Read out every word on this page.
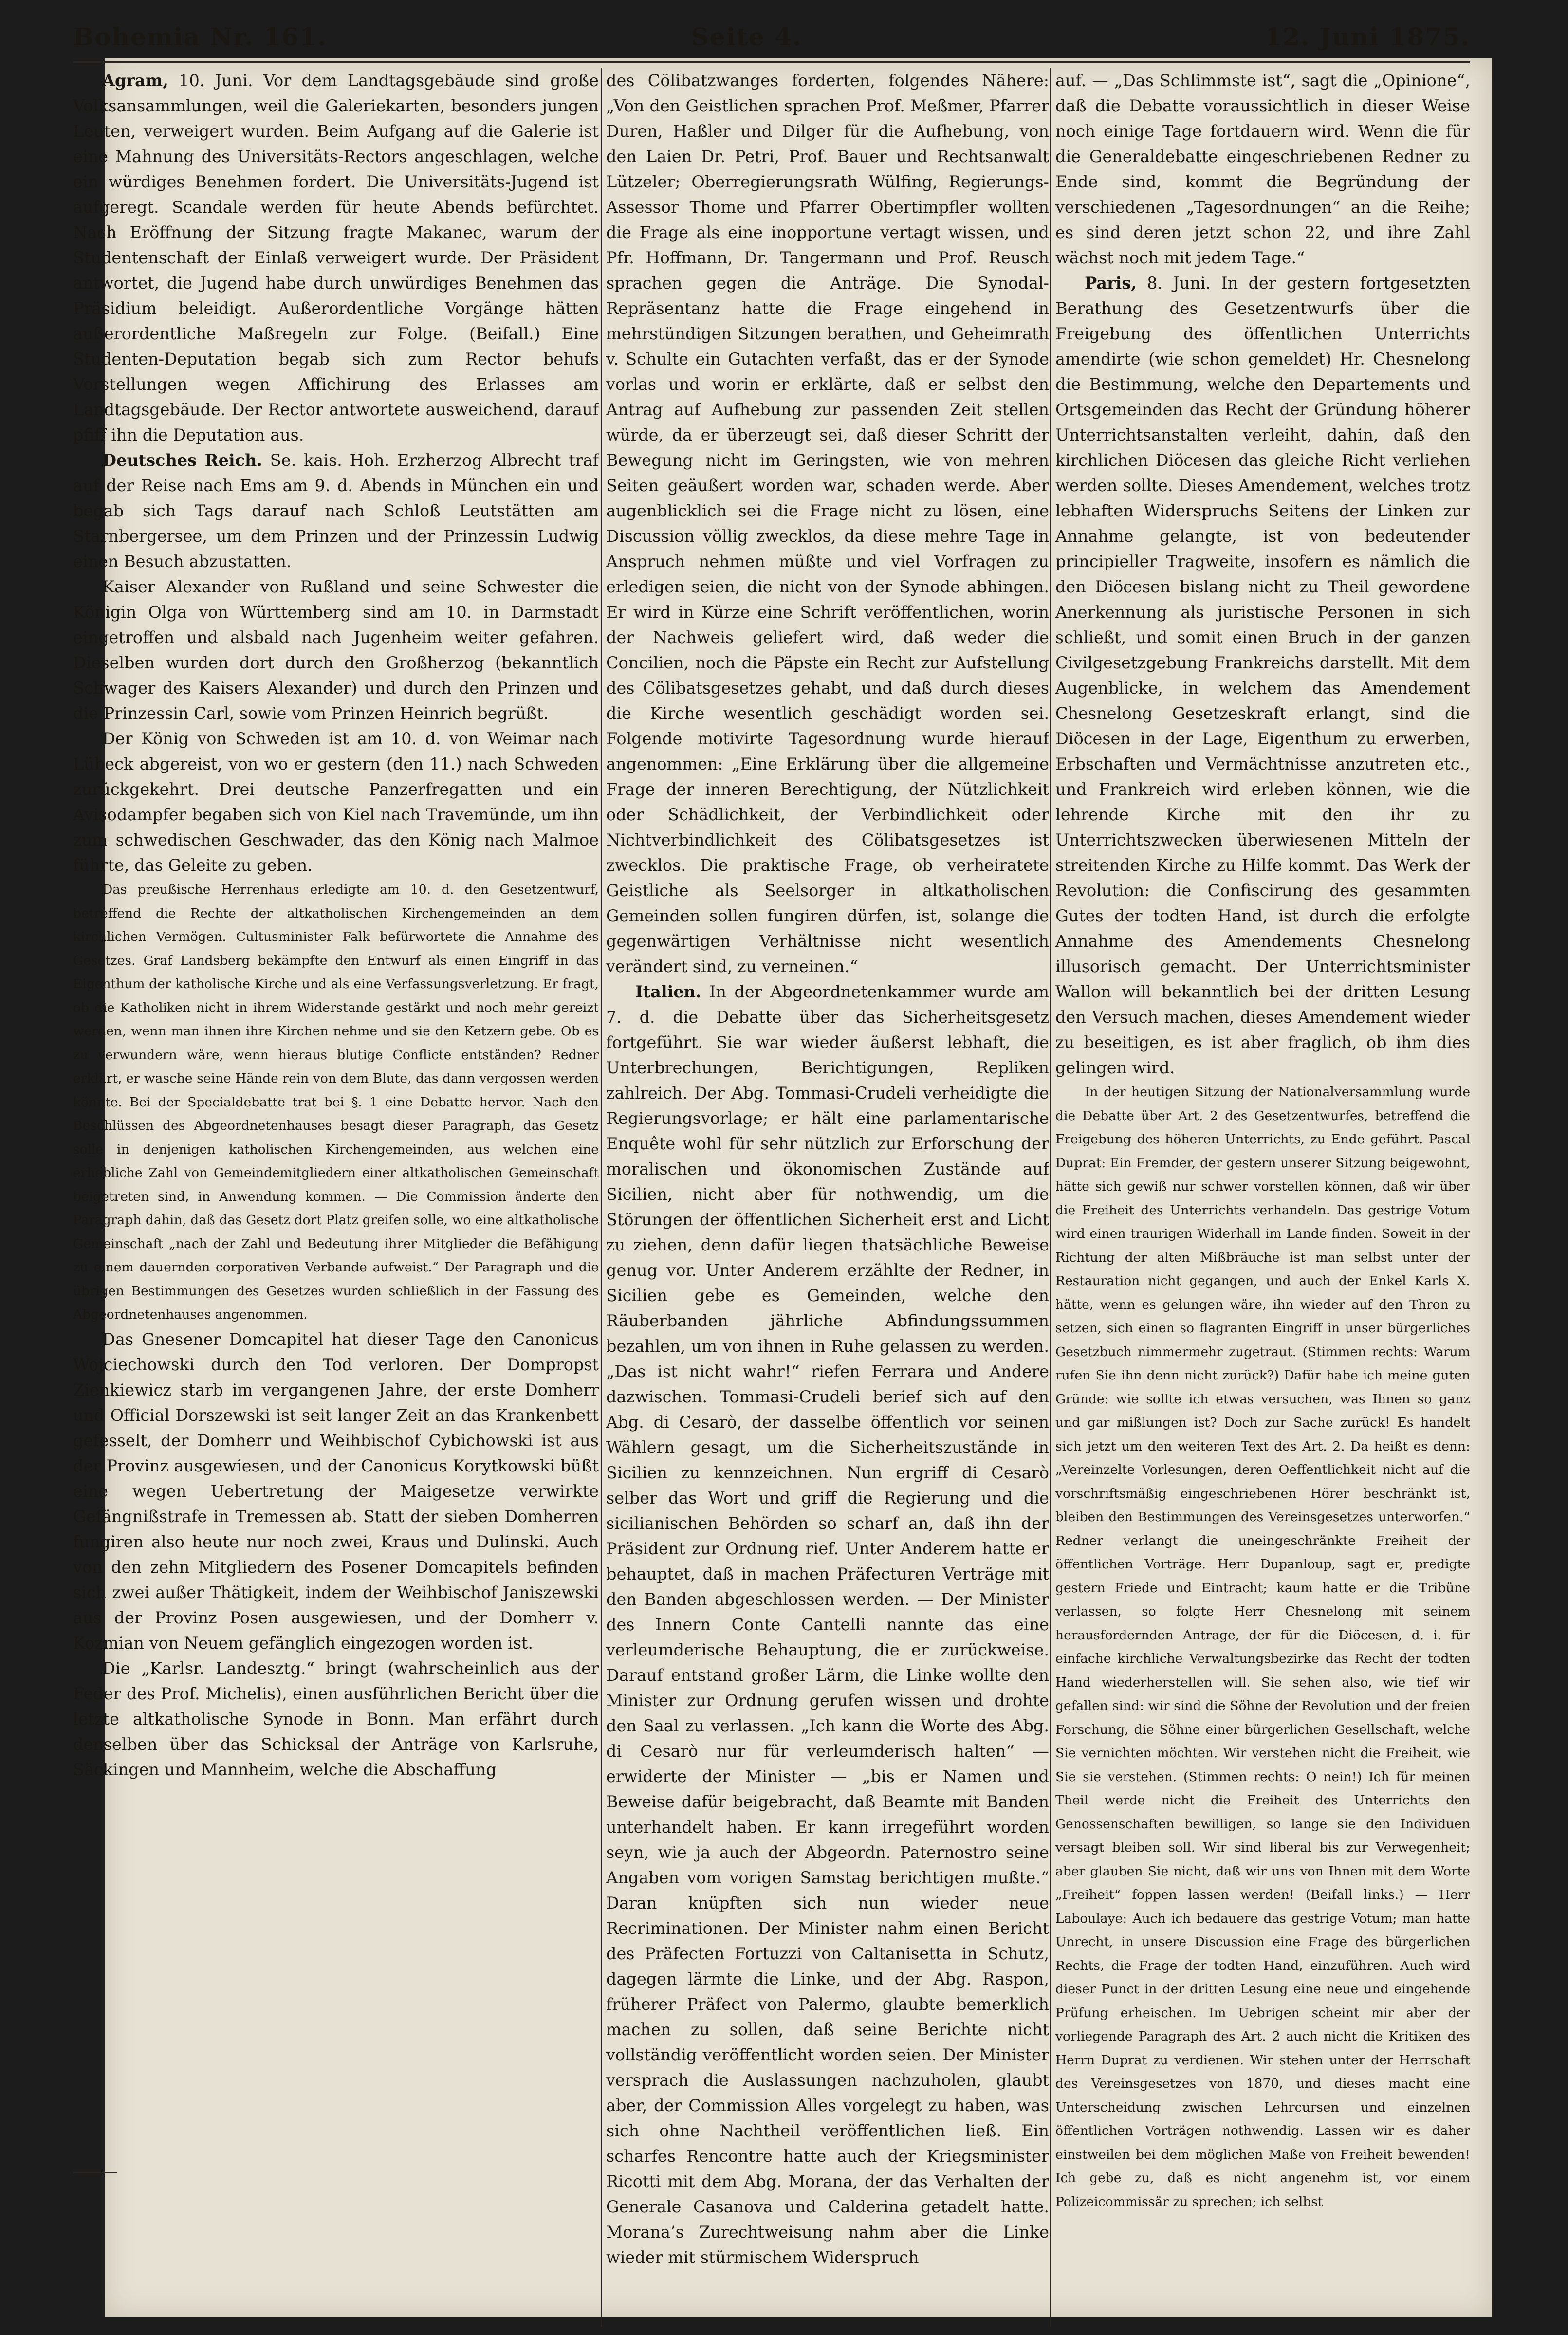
Bohemia Nr. 161.	Seite 4.	12. Juni 1875.

Agram, 10. Juni. Vor dem Landtagsgebäude sind große Volksansammlungen, weil die Galeriekarten, besonders jungen Leuten, verweigert wurden. Beim Aufgang auf die Galerie ist eine Mahnung des Universitäts-Rectors angeschlagen, welche ein würdiges Benehmen fordert. Die Universitäts-Jugend ist aufgeregt. Scandale werden für heute Abends befürchtet. Nach Eröffnung der Sitzung fragte Makanec, warum der Studentenschaft der Einlaß verweigert wurde. Der Präsident antwortet, die Jugend habe durch unwürdiges Benehmen das Präsidium beleidigt. Außerordentliche Vorgänge hätten außerordentliche Maßregeln zur Folge. (Beifall.) Eine Studenten-Deputation begab sich zum Rector behufs Vorstellungen wegen Affichirung des Erlasses am Landtagsgebäude. Der Rector antwortete ausweichend, darauf pfiff ihn die Deputation aus.

Deutsches Reich. Se. kais. Hoh. Erzherzog Albrecht traf auf der Reise nach Ems am 9. d. Abends in München ein und begab sich Tags darauf nach Schloß Leutstätten am Starnbergersee, um dem Prinzen und der Prinzessin Ludwig einen Besuch abzustatten.

Kaiser Alexander von Rußland und seine Schwester die Königin Olga von Württemberg sind am 10. in Darmstadt eingetroffen und alsbald nach Jugenheim weiter gefahren. Dieselben wurden dort durch den Großherzog (bekanntlich Schwager des Kaisers Alexander) und durch den Prinzen und die Prinzessin Carl, sowie vom Prinzen Heinrich begrüßt.

Der König von Schweden ist am 10. d. von Weimar nach Lübeck abgereist, von wo er gestern (den 11.) nach Schweden zurückgekehrt. Drei deutsche Panzerfregatten und ein Avisodampfer begaben sich von Kiel nach Travemünde, um ihn zum schwedischen Geschwader, das den König nach Malmoe führte, das Geleite zu geben.

Das preußische Herrenhaus erledigte am 10. d. den Gesetzentwurf, betreffend die Rechte der altkatholischen Kirchengemeinden an dem kirchlichen Vermögen. Cultusminister Falk befürwortete die Annahme des Gesetzes. Graf Landsberg bekämpfte den Entwurf als einen Eingriff in das Eigenthum der katholische Kirche und als eine Verfassungsverletzung. Er fragt, ob die Katholiken nicht in ihrem Widerstande gestärkt und noch mehr gereizt werden, wenn man ihnen ihre Kirchen nehme und sie den Ketzern gebe. Ob es zu verwundern wäre, wenn hieraus blutige Conflicte entständen? Redner erklärt, er wasche seine Hände rein von dem Blute, das dann vergossen werden könnte. Bei der Specialdebatte trat bei §. 1 eine Debatte hervor. Nach den Beschlüssen des Abgeordnetenhauses besagt dieser Paragraph, das Gesetz solle in denjenigen katholischen Kirchengemeinden, aus welchen eine erhebliche Zahl von Gemeindemitgliedern einer altkatholischen Gemeinschaft beigetreten sind, in Anwendung kommen. — Die Commission änderte den Paragraph dahin, daß das Gesetz dort Platz greifen solle, wo eine altkatholische Gemeinschaft „nach der Zahl und Bedeutung ihrer Mitglieder die Befähigung zu einem dauernden corporativen Verbande aufweist.“ Der Paragraph und die übrigen Bestimmungen des Gesetzes wurden schließlich in der Fassung des Abgeordnetenhauses angenommen.

Das Gnesener Domcapitel hat dieser Tage den Canonicus Wojciechowski durch den Tod verloren. Der Dompropst Zienkiewicz starb im vergangenen Jahre, der erste Domherr und Official Dorszewski ist seit langer Zeit an das Krankenbett gefesselt, der Domherr und Weihbischof Cybichowski ist aus der Provinz ausgewiesen, und der Canonicus Korytkowski büßt eine wegen Uebertretung der Maigesetze verwirkte Gefängnißstrafe in Tremessen ab. Statt der sieben Domherren fungiren also heute nur noch zwei, Kraus und Dulinski. Auch von den zehn Mitgliedern des Posener Domcapitels befinden sich zwei außer Thätigkeit, indem der Weihbischof Janiszewski aus der Provinz Posen ausgewiesen, und der Domherr v. Kozmian von Neuem gefänglich eingezogen worden ist.

Die „Karlsr. Landesztg.“ bringt (wahrscheinlich aus der Feder des Prof. Michelis), einen ausführlichen Bericht über die letzte altkatholische Synode in Bonn. Man erfährt durch denselben über das Schicksal der Anträge von Karlsruhe, Säckingen und Mannheim, welche die Abschaffung

des Cölibatzwanges forderten, folgendes Nähere: „Von den Geistlichen sprachen Prof. Meßmer, Pfarrer Duren, Haßler und Dilger für die Aufhebung, von den Laien Dr. Petri, Prof. Bauer und Rechtsanwalt Lützeler; Oberregierungsrath Wülfing, Regierungs-Assessor Thome und Pfarrer Obertimpfler wollten die Frage als eine inopportune vertagt wissen, und Pfr. Hoffmann, Dr. Tangermann und Prof. Reusch sprachen gegen die Anträge. Die Synodal-Repräsentanz hatte die Frage eingehend in mehrstündigen Sitzungen berathen, und Geheimrath v. Schulte ein Gutachten verfaßt, das er der Synode vorlas und worin er erklärte, daß er selbst den Antrag auf Aufhebung zur passenden Zeit stellen würde, da er überzeugt sei, daß dieser Schritt der Bewegung nicht im Geringsten, wie von mehren Seiten geäußert worden war, schaden werde. Aber augenblicklich sei die Frage nicht zu lösen, eine Discussion völlig zwecklos, da diese mehre Tage in Anspruch nehmen müßte und viel Vorfragen zu erledigen seien, die nicht von der Synode abhingen. Er wird in Kürze eine Schrift veröffentlichen, worin der Nachweis geliefert wird, daß weder die Concilien, noch die Päpste ein Recht zur Aufstellung des Cölibatsgesetzes gehabt, und daß durch dieses die Kirche wesentlich geschädigt worden sei. Folgende motivirte Tagesordnung wurde hierauf angenommen: „Eine Erklärung über die allgemeine Frage der inneren Berechtigung, der Nützlichkeit oder Schädlichkeit, der Verbindlichkeit oder Nichtverbindlichkeit des Cölibatsgesetzes ist zwecklos. Die praktische Frage, ob verheiratete Geistliche als Seelsorger in altkatholischen Gemeinden sollen fungiren dürfen, ist, solange die gegenwärtigen Verhältnisse nicht wesentlich verändert sind, zu verneinen.“

Italien. In der Abgeordnetenkammer wurde am 7. d. die Debatte über das Sicherheitsgesetz fortgeführt. Sie war wieder äußerst lebhaft, die Unterbrechungen, Berichtigungen, Repliken zahlreich. Der Abg. Tommasi-Crudeli verheidigte die Regierungsvorlage; er hält eine parlamentarische Enquête wohl für sehr nützlich zur Erforschung der moralischen und ökonomischen Zustände auf Sicilien, nicht aber für nothwendig, um die Störungen der öffentlichen Sicherheit erst and Licht zu ziehen, denn dafür liegen thatsächliche Beweise genug vor. Unter Anderem erzählte der Redner, in Sicilien gebe es Gemeinden, welche den Räuberbanden jährliche Abfindungssummen bezahlen, um von ihnen in Ruhe gelassen zu werden. „Das ist nicht wahr!“ riefen Ferrara und Andere dazwischen. Tommasi-Crudeli berief sich auf den Abg. di Cesarò, der dasselbe öffentlich vor seinen Wählern gesagt, um die Sicherheitszustände in Sicilien zu kennzeichnen. Nun ergriff di Cesarò selber das Wort und griff die Regierung und die sicilianischen Behörden so scharf an, daß ihn der Präsident zur Ordnung rief. Unter Anderem hatte er behauptet, daß in machen Präfecturen Verträge mit den Banden abgeschlossen werden. — Der Minister des Innern Conte Cantelli nannte das eine verleumderische Behauptung, die er zurückweise. Darauf entstand großer Lärm, die Linke wollte den Minister zur Ordnung gerufen wissen und drohte den Saal zu verlassen. „Ich kann die Worte des Abg. di Cesarò nur für verleumderisch halten“ — erwiderte der Minister — „bis er Namen und Beweise dafür beigebracht, daß Beamte mit Banden unterhandelt haben. Er kann irregeführt worden seyn, wie ja auch der Abgeordn. Paternostro seine Angaben vom vorigen Samstag berichtigen mußte.“ Daran knüpften sich nun wieder neue Recriminationen. Der Minister nahm einen Bericht des Präfecten Fortuzzi von Caltanisetta in Schutz, dagegen lärmte die Linke, und der Abg. Raspon, früherer Präfect von Palermo, glaubte bemerklich machen zu sollen, daß seine Berichte nicht vollständig veröffentlicht worden seien. Der Minister versprach die Auslassungen nachzuholen, glaubt aber, der Commission Alles vorgelegt zu haben, was sich ohne Nachtheil veröffentlichen ließ. Ein scharfes Rencontre hatte auch der Kriegsminister Ricotti mit dem Abg. Morana, der das Verhalten der Generale Casanova und Calderina getadelt hatte. Morana’s Zurechtweisung nahm aber die Linke wieder mit stürmischem Widerspruch

auf. — „Das Schlimmste ist“, sagt die „Opinione“, daß die Debatte voraussichtlich in dieser Weise noch einige Tage fortdauern wird. Wenn die für die Generaldebatte eingeschriebenen Redner zu Ende sind, kommt die Begründung der verschiedenen „Tagesordnungen“ an die Reihe; es sind deren jetzt schon 22, und ihre Zahl wächst noch mit jedem Tage.“

Paris, 8. Juni. In der gestern fortgesetzten Berathung des Gesetzentwurfs über die Freigebung des öffentlichen Unterrichts amendirte (wie schon gemeldet) Hr. Chesnelong die Bestimmung, welche den Departements und Ortsgemeinden das Recht der Gründung höherer Unterrichtsanstalten verleiht, dahin, daß den kirchlichen Diöcesen das gleiche Richt verliehen werden sollte. Dieses Amendement, welches trotz lebhaften Widerspruchs Seitens der Linken zur Annahme gelangte, ist von bedeutender principieller Tragweite, insofern es nämlich die den Diöcesen bislang nicht zu Theil gewordene Anerkennung als juristische Personen in sich schließt, und somit einen Bruch in der ganzen Civilgesetzgebung Frankreichs darstellt. Mit dem Augenblicke, in welchem das Amendement Chesnelong Gesetzeskraft erlangt, sind die Diöcesen in der Lage, Eigenthum zu erwerben, Erbschaften und Vermächtnisse anzutreten etc., und Frankreich wird erleben können, wie die lehrende Kirche mit den ihr zu Unterrichtszwecken überwiesenen Mitteln der streitenden Kirche zu Hilfe kommt. Das Werk der Revolution: die Confiscirung des gesammten Gutes der todten Hand, ist durch die erfolgte Annahme des Amendements Chesnelong illusorisch gemacht. Der Unterrichtsminister Wallon will bekanntlich bei der dritten Lesung den Versuch machen, dieses Amendement wieder zu beseitigen, es ist aber fraglich, ob ihm dies gelingen wird.

In der heutigen Sitzung der Nationalversammlung wurde die Debatte über Art. 2 des Gesetzentwurfes, betreffend die Freigebung des höheren Unterrichts, zu Ende geführt. Pascal Duprat: Ein Fremder, der gestern unserer Sitzung beigewohnt, hätte sich gewiß nur schwer vorstellen können, daß wir über die Freiheit des Unterrichts verhandeln. Das gestrige Votum wird einen traurigen Widerhall im Lande finden. Soweit in der Richtung der alten Mißbräuche ist man selbst unter der Restauration nicht gegangen, und auch der Enkel Karls X. hätte, wenn es gelungen wäre, ihn wieder auf den Thron zu setzen, sich einen so flagranten Eingriff in unser bürgerliches Gesetzbuch nimmermehr zugetraut. (Stimmen rechts: Warum rufen Sie ihn denn nicht zurück?) Dafür habe ich meine guten Gründe: wie sollte ich etwas versuchen, was Ihnen so ganz und gar mißlungen ist? Doch zur Sache zurück! Es handelt sich jetzt um den weiteren Text des Art. 2. Da heißt es denn: „Vereinzelte Vorlesungen, deren Oeffentlichkeit nicht auf die vorschriftsmäßig eingeschriebenen Hörer beschränkt ist, bleiben den Bestimmungen des Vereinsgesetzes unterworfen.“ Redner verlangt die uneingeschränkte Freiheit der öffentlichen Vorträge. Herr Dupanloup, sagt er, predigte gestern Friede und Eintracht; kaum hatte er die Tribüne verlassen, so folgte Herr Chesnelong mit seinem herausfordernden Antrage, der für die Diöcesen, d. i. für einfache kirchliche Verwaltungsbezirke das Recht der todten Hand wiederherstellen will. Sie sehen also, wie tief wir gefallen sind: wir sind die Söhne der Revolution und der freien Forschung, die Söhne einer bürgerlichen Gesellschaft, welche Sie vernichten möchten. Wir verstehen nicht die Freiheit, wie Sie sie verstehen. (Stimmen rechts: O nein!) Ich für meinen Theil werde nicht die Freiheit des Unterrichts den Genossenschaften bewilligen, so lange sie den Individuen versagt bleiben soll. Wir sind liberal bis zur Verwegenheit; aber glauben Sie nicht, daß wir uns von Ihnen mit dem Worte „Freiheit“ foppen lassen werden! (Beifall links.) — Herr Laboulaye: Auch ich bedauere das gestrige Votum; man hatte Unrecht, in unsere Discussion eine Frage des bürgerlichen Rechts, die Frage der todten Hand, einzuführen. Auch wird dieser Punct in der dritten Lesung eine neue und eingehende Prüfung erheischen. Im Uebrigen scheint mir aber der vorliegende Paragraph des Art. 2 auch nicht die Kritiken des Herrn Duprat zu verdienen. Wir stehen unter der Herrschaft des Vereinsgesetzes von 1870, und dieses macht eine Unterscheidung zwischen Lehrcursen und einzelnen öffentlichen Vorträgen nothwendig. Lassen wir es daher einstweilen bei dem möglichen Maße von Freiheit bewenden! Ich gebe zu, daß es nicht angenehm ist, vor einem Polizeicommissär zu sprechen; ich selbst
